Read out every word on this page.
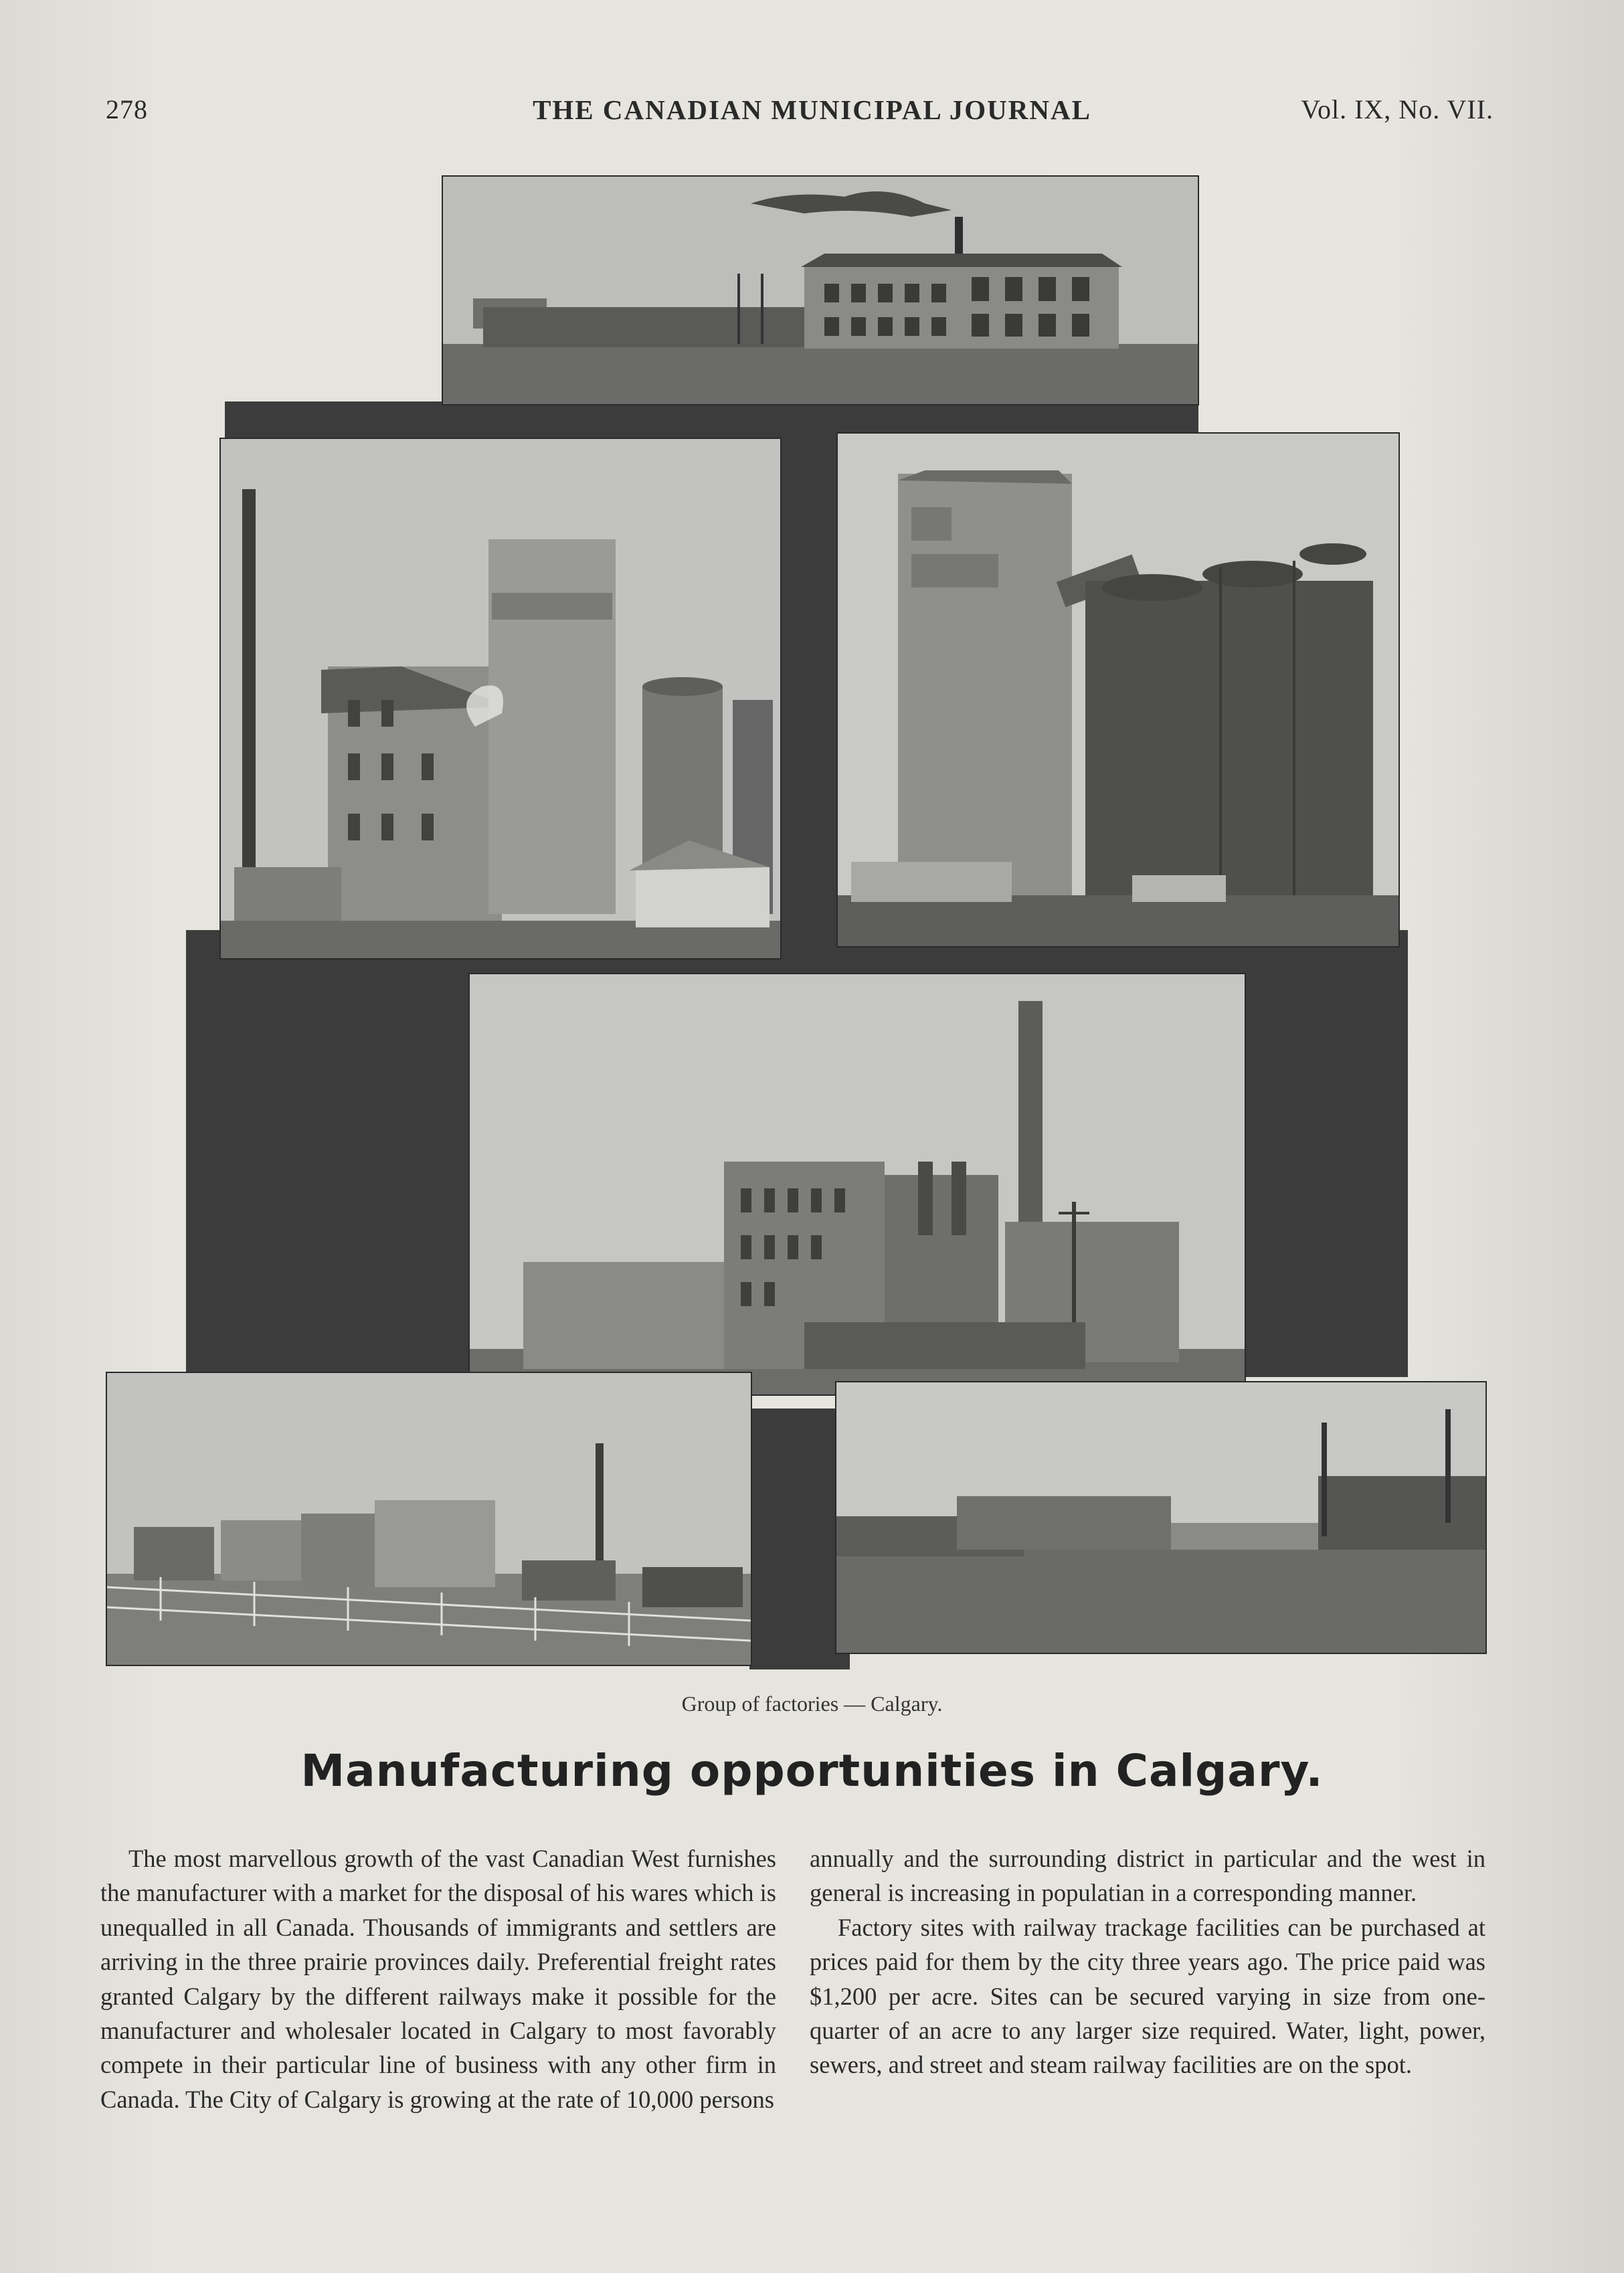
278	THE CANADIAN MUNICIPAL JOURNAL	Vol. IX, No. VII.
Group of factories — Calgary.
Manufacturing opportunities in Calgary.

The most marvellous growth of the vast Canadian West furnishes the manufacturer with a market for the disposal of his wares which is unequalled in all Canada. Thousands of immigrants and settlers are arriving in the three prairie provinces daily. Preferential freight rates granted Calgary by the different railways make it possible for the manufacturer and wholesaler located in Calgary to most favorably compete in their particular line of business with any other firm in Canada. The City of Calgary is growing at the rate of 10,000 persons

annually and the surrounding district in particular and the west in general is increasing in populatian in a corresponding manner.

Factory sites with railway trackage facilities can be purchased at prices paid for them by the city three years ago. The price paid was $1,200 per acre. Sites can be secured varying in size from one-quarter of an acre to any larger size required. Water, light, power, sewers, and street and steam railway facilities are on the spot.
